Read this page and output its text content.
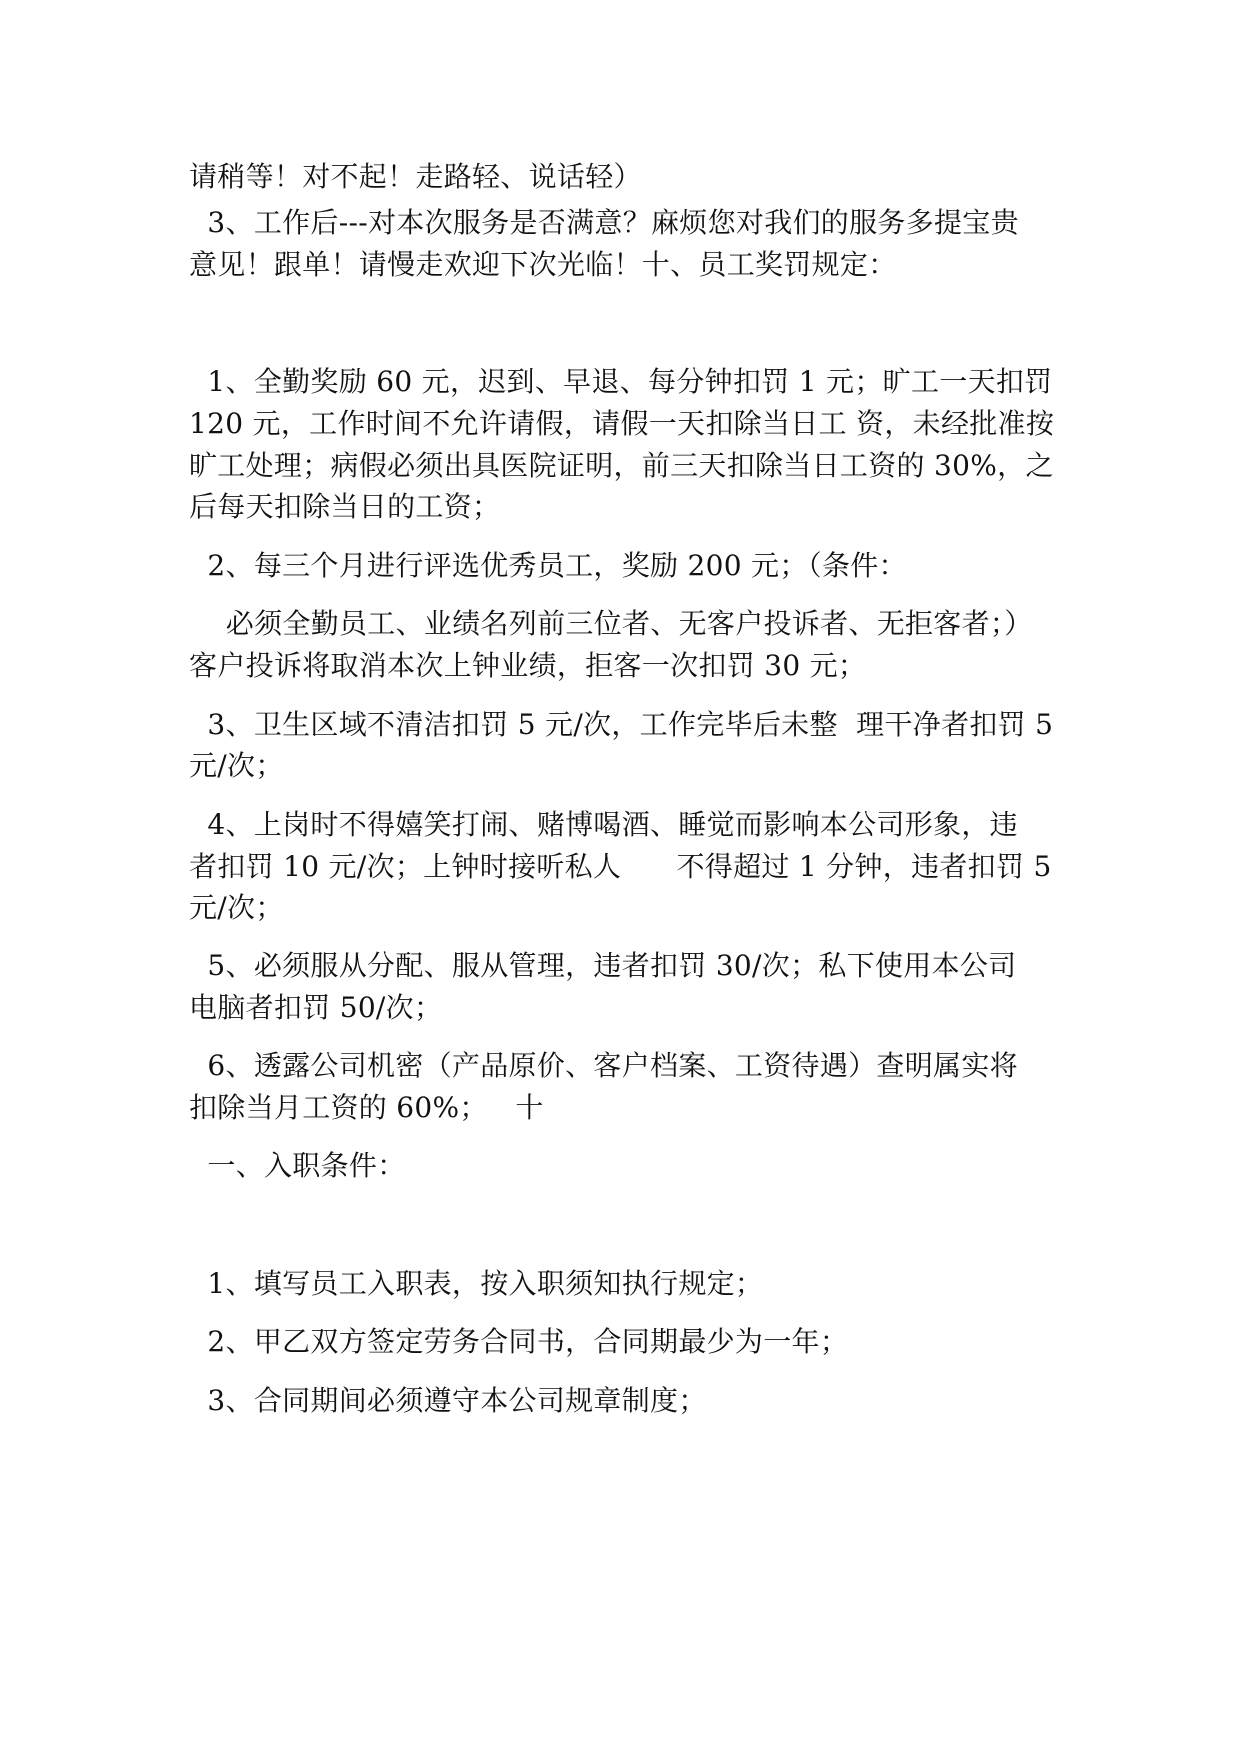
请稍等！对不起！走路轻、说话轻）
3、工作后---对本次服务是否满意？麻烦您对我们的服务多提宝贵
意见！跟单！请慢走欢迎下次光临！十、员工奖罚规定：
1、全勤奖励 60 元，迟到、早退、每分钟扣罚 1 元；旷工一天扣罚
120 元，工作时间不允许请假，请假一天扣除当日工 资，未经批准按
旷工处理；病假必须出具医院证明，前三天扣除当日工资的 30%，之
后每天扣除当日的工资；
2、每三个月进行评选优秀员工，奖励 200 元；（条件：
必须全勤员工、业绩名列前三位者、无客户投诉者、无拒客者；）
客户投诉将取消本次上钟业绩，拒客一次扣罚 30 元；
3、卫生区域不清洁扣罚 5 元/次，工作完毕后未整  理干净者扣罚 5
元/次；
4、上岗时不得嬉笑打闹、赌博喝酒、睡觉而影响本公司形象，违
者扣罚 10 元/次；上钟时接听私人      不得超过 1 分钟，违者扣罚 5
元/次；
5、必须服从分配、服从管理，违者扣罚 30/次；私下使用本公司
电脑者扣罚 50/次；
6、透露公司机密（产品原价、客户档案、工资待遇）查明属实将
扣除当月工资的 60%；   十
一、入职条件：
1、填写员工入职表，按入职须知执行规定；
2、甲乙双方签定劳务合同书，合同期最少为一年；
3、合同期间必须遵守本公司规章制度；
